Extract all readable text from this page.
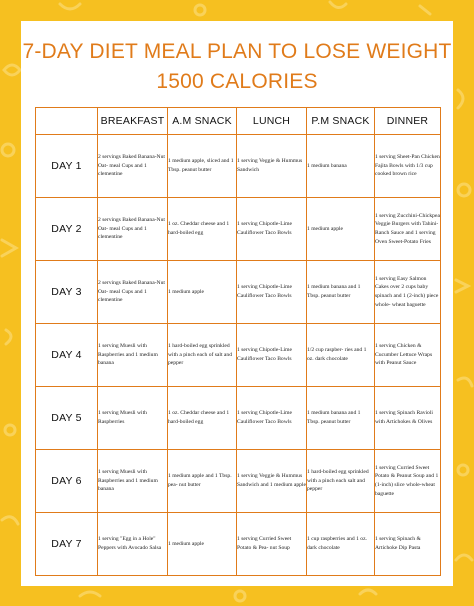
7-DAY DIET MEAL PLAN TO LOSE WEIGHT
1500 CALORIES
	BREAKFAST	A.M SNACK	LUNCH	P.M SNACK	DINNER
DAY 1	2 servings Baked Banana-Nut Oat- meal Cups and 1 clementine	1 medium apple, sliced and 1 Tbsp. peanut butter	1 serving Veggie & Hummus Sandwich	1 medium banana	1 serving Sheet-Pan Chicken Fajita Bowls with 1/3 cup cooked brown rice
DAY 2	2 servings Baked Banana-Nut Oat- meal Cups and 1 clementine	1 oz. Cheddar cheese and 1 hard-boiled egg	1 serving Chipotle-Lime Cauliflower Taco Bowls	1 medium apple	1 serving Zucchini-Chickpea Veggie Burgers with Tahini-Ranch Sauce and 1 serving Oven Sweet-Potato Fries
DAY 3	2 servings Baked Banana-Nut Oat- meal Cups and 1 clementine	1 medium apple	1 serving Chipotle-Lime Cauliflower Taco Bowls	1 medium banana and 1 Tbsp. peanut butter	1 serving Easy Salmon Cakes over 2 cups baby spinach and 1 (2-inch) piece whole- wheat baguette
DAY 4	1 serving Muesli with Raspberries and 1 medium banana	1 hard-boiled egg sprinkled with a pinch each of salt and pepper	1 serving Chipotle-Lime Cauliflower Taco Bowls	1/2 cup raspber- ries and 1 oz. dark chocolate	1 serving Chicken & Cucumber Lettuce Wraps with Peanut Sauce
DAY 5	1 serving Muesli with Raspberries	1 oz. Cheddar cheese and 1 hard-boiled egg	1 serving Chipotle-Lime Cauliflower Taco Bowls	1 medium banana and 1 Tbsp. peanut butter	1 serving Spinach Ravioli with Artichokes & Olives
DAY 6	1 serving Muesli with Raspberries and 1 medium banana	1 medium apple and 1 Tbsp. pea- nut butter	1 serving Veggie & Hummus Sandwich and 1 medium apple	1 hard-boiled egg sprinkled with a pinch each salt and pepper	1 serving Curried Sweet Potato & Peanut Soup and 1 (1-inch) slice whole-wheat baguette
DAY 7	1 serving "Egg in a Hole" Peppers with Avocado Salsa	1 medium apple	1 serving Curried Sweet Potato & Pea- nut Soup	1 cup raspberries and 1 oz. dark chocolate	1 serving Spinach & Artichoke Dip Pasta
